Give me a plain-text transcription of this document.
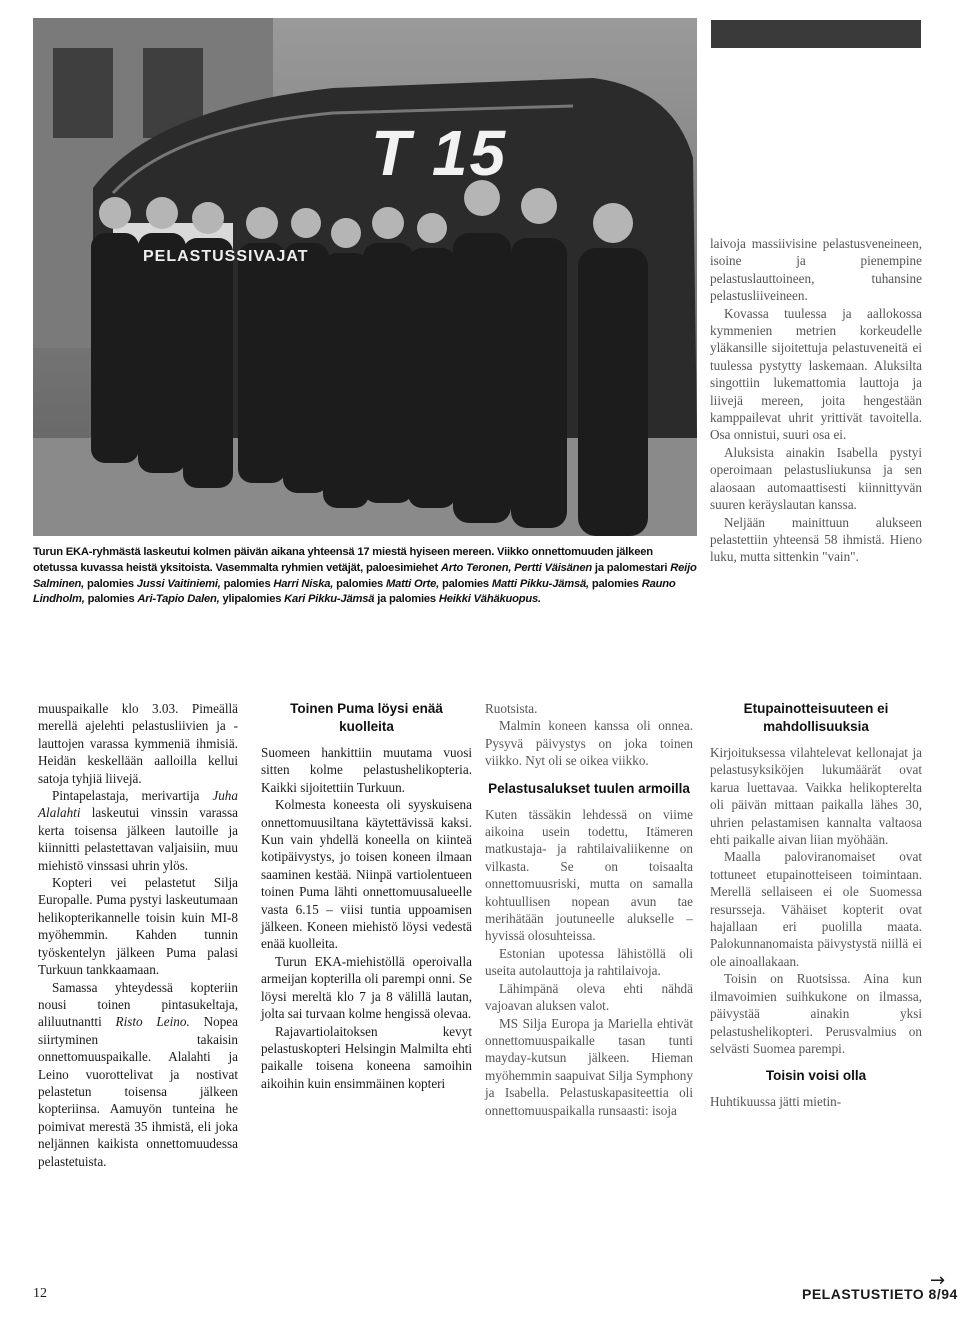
T 15
PELASTUSSIVAJAT
Turun EKA-ryhmästä laskeutui kolmen päivän aikana yhteensä 17 miestä hyiseen mereen. Viikko onnettomuuden jälkeen otetussa kuvassa heistä yksitoista. Vasemmalta ryhmien vetäjät, paloesimiehet Arto Teronen, Pertti Väisänen ja palomestari Reijo Salminen, palomies Jussi Vaitiniemi, palomies Harri Niska, palomies Matti Orte, palomies Matti Pikku-Jämsä, palomies Rauno Lindholm, palomies Ari-Tapio Dalen, ylipalomies Kari Pikku-Jämsä ja palomies Heikki Vähäkuopus.

laivoja massiivisine pelastusveneineen, isoine ja pienempine pelastuslauttoineen, tuhansine pelastusliiveineen.

Kovassa tuulessa ja aallokossa kymmenien metrien korkeudelle yläkansille sijoitettuja pelastuveneitä ei tuulessa pystytty laskemaan. Aluksilta singottiin lukemattomia lauttoja ja liivejä mereen, joita hengestään kamppailevat uhrit yrittivät tavoitella. Osa onnistui, suuri osa ei.

Aluksista ainakin Isabella pystyi operoimaan pelastusliukunsa ja sen alaosaan automaattisesti kiinnittyvän suuren keräyslautan kanssa.

Neljään mainittuun alukseen pelastettiin yhteensä 58 ihmistä. Hieno luku, mutta sittenkin "vain".

muuspaikalle klo 3.03. Pimeällä merellä ajelehti pelastusliivien ja -lauttojen varassa kymmeniä ihmisiä. Heidän keskellään aalloilla kellui satoja tyhjiä liivejä.

Pintapelastaja, merivartija Juha Alalahti laskeutui vinssin varassa kerta toisensa jälkeen lautoille ja kiinnitti pelastettavan valjaisiin, muu miehistö vinssasi uhrin ylös.

Kopteri vei pelastetut Silja Europalle. Puma pystyi laskeutumaan helikopterikannelle toisin kuin MI-8 myöhemmin. Kahden tunnin työskentelyn jälkeen Puma palasi Turkuun tankkaamaan.

Samassa yhteydessä kopteriin nousi toinen pintasukeltaja, aliluutnantti Risto Leino. Nopea siirtyminen takaisin onnettomuuspaikalle. Alalahti ja Leino vuorottelivat ja nostivat pelastetun toisensa jälkeen kopteriinsa. Aamuyön tunteina he poimivat merestä 35 ihmistä, eli joka neljännen kaikista onnettomuudessa pelastetuista.

Toinen Puma löysi enää kuolleita

Suomeen hankittiin muutama vuosi sitten kolme pelastushelikopteria. Kaikki sijoitettiin Turkuun.

Kolmesta koneesta oli syyskuisena onnettomuusiltana käytettävissä kaksi. Kun vain yhdellä koneella on kiinteä kotipäivystys, jo toisen koneen ilmaan saaminen kestää. Niinpä vartiolentueen toinen Puma lähti onnettomuusalueelle vasta 6.15 – viisi tuntia uppoamisen jälkeen. Koneen miehistö löysi vedestä enää kuolleita.

Turun EKA-miehistöllä operoivalla armeijan kopterilla oli parempi onni. Se löysi mereltä klo 7 ja 8 välillä lautan, jolta sai turvaan kolme hengissä olevaa.

Rajavartiolaitoksen kevyt pelastuskopteri Helsingin Malmilta ehti paikalle toisena koneena samoihin aikoihin kuin ensimmäinen kopteri

Ruotsista.

Malmin koneen kanssa oli onnea. Pysyvä päivystys on joka toinen viikko. Nyt oli se oikea viikko.

Pelastusalukset tuulen armoilla

Kuten tässäkin lehdessä on viime aikoina usein todettu, Itämeren matkustaja- ja rahtilaivaliikenne on vilkasta. Se on toisaalta onnettomuusriski, mutta on samalla kohtuullisen nopean avun tae merihätään joutuneelle alukselle – hyvissä olosuhteissa.

Estonian upotessa lähistöllä oli useita autolauttoja ja rahtilaivoja.

Lähimpänä oleva ehti nähdä vajoavan aluksen valot.

MS Silja Europa ja Mariella ehtivät onnettomuuspaikalle tasan tunti mayday-kutsun jälkeen. Hieman myöhemmin saapuivat Silja Symphony ja Isabella. Pelastuskapasiteettia oli onnettomuuspaikalla runsaasti: isoja

Etupainotteisuuteen ei mahdollisuuksia

Kirjoituksessa vilahtelevat kellonajat ja pelastusyksiköjen lukumäärät ovat karua luettavaa. Vaikka helikopterelta oli päivän mittaan paikalla lähes 30, uhrien pelastamisen kannalta valtaosa ehti paikalle aivan liian myöhään.

Maalla paloviranomaiset ovat tottuneet etupainotteiseen toimintaan. Merellä sellaiseen ei ole Suomessa resursseja. Vähäiset kopterit ovat hajallaan eri puolilla maata. Palokunnanomaista päivystystä niillä ei ole ainoallakaan.

Toisin on Ruotsissa. Aina kun ilmavoimien suihkukone on ilmassa, päivystää ainakin yksi pelastushelikopteri. Perusvalmius on selvästi Suomea parempi.

Toisin voisi olla

Huhtikuussa jätti mietin-

12	PELASTUSTIETO 8/94
→
